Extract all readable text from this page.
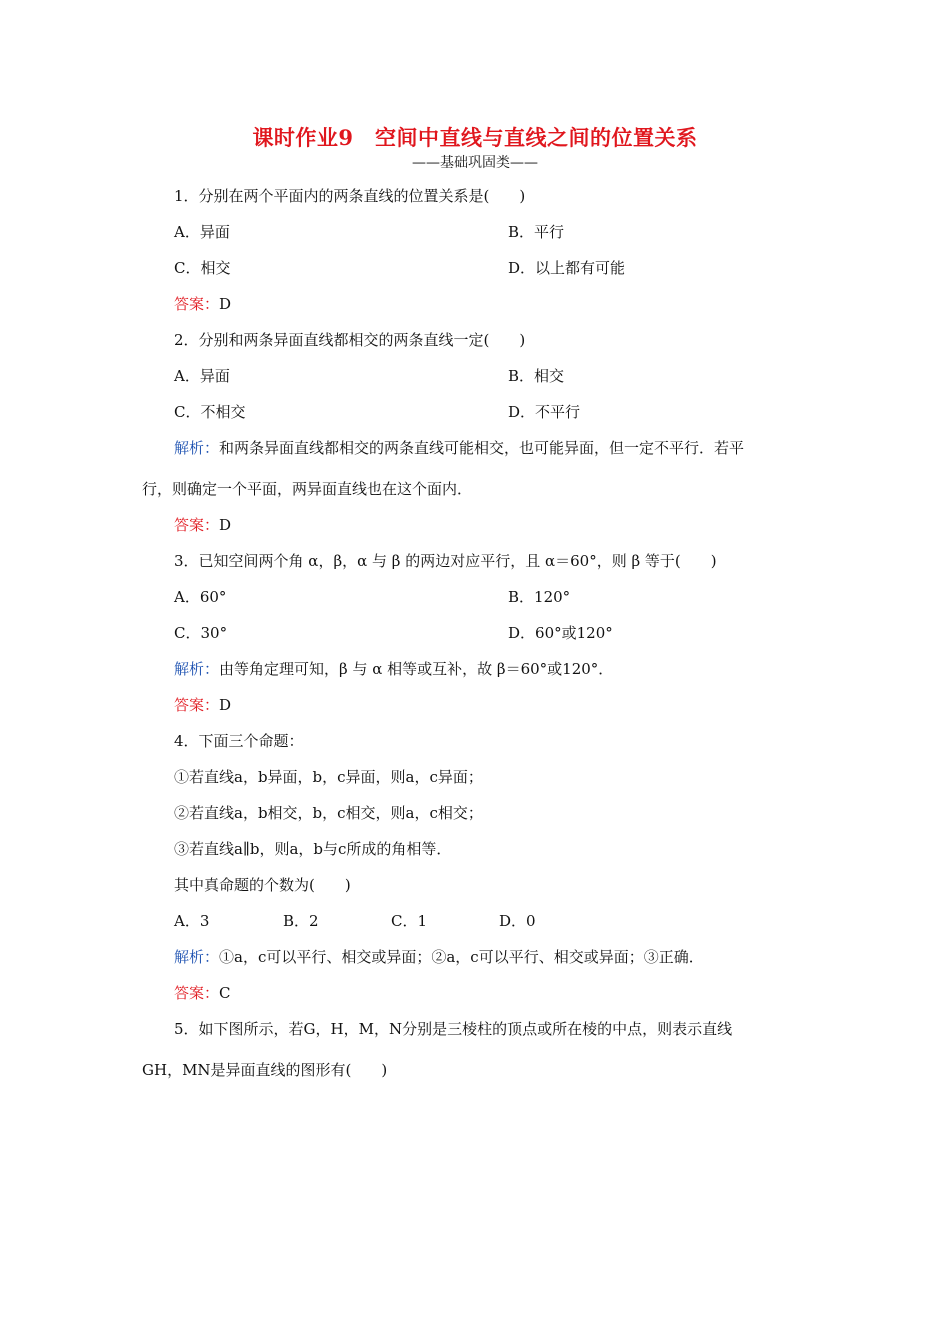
课时作业9　空间中直线与直线之间的位置关系
——基础巩固类——
1．分别在两个平面内的两条直线的位置关系是(　　)
A．异面	B．平行
C．相交	D．以上都有可能
答案：D
2．分别和两条异面直线都相交的两条直线一定(　　)
A．异面	B．相交
C．不相交	D．不平行
解析：和两条异面直线都相交的两条直线可能相交，也可能异面，但一定不平行．若平
行，则确定一个平面，两异面直线也在这个面内．
答案：D
3．已知空间两个角 α，β，α 与 β 的两边对应平行，且 α＝60°，则 β 等于(　　)
A．60°	B．120°
C．30°	D．60°或120°
解析：由等角定理可知，β 与 α 相等或互补，故 β＝60°或120°．
答案：D
4．下面三个命题：
①若直线a，b异面，b，c异面，则a，c异面；
②若直线a，b相交，b，c相交，则a，c相交；
③若直线a∥b，则a，b与c所成的角相等．
其中真命题的个数为(　　)
A．3	B．2	C．1	D．0
解析：①a，c可以平行、相交或异面；②a，c可以平行、相交或异面；③正确．
答案：C
5．如下图所示，若G，H，M，N分别是三棱柱的顶点或所在棱的中点，则表示直线
GH，MN是异面直线的图形有(　　)
